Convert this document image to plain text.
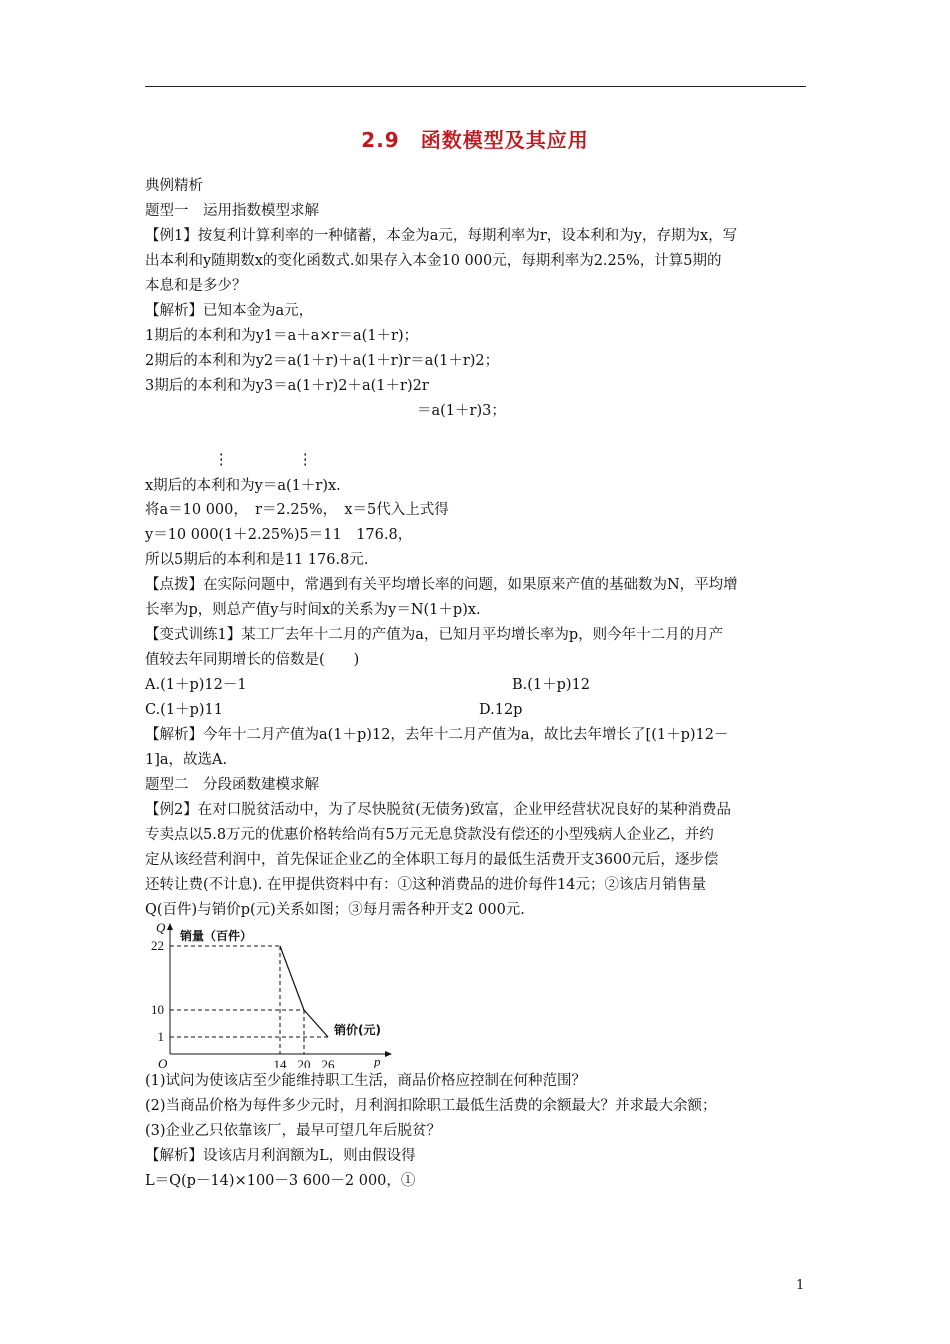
2.9　函数模型及其应用
典例精析
题型一　运用指数模型求解
【例1】按复利计算利率的一种储蓄，本金为a元，每期利率为r，设本利和为y，存期为x，写
出本利和y随期数x的变化函数式.如果存入本金10 000元，每期利率为2.25%，计算5期的
本息和是多少？
【解析】已知本金为a元，
1期后的本利和为y1＝a＋a×r＝a(1＋r)；
2期后的本利和为y2＝a(1＋r)＋a(1＋r)r＝a(1＋r)2；
3期后的本利和为y3＝a(1＋r)2＋a(1＋r)2r
＝a(1＋r)3；
⋮	⋮
x期后的本利和为y＝a(1＋r)x.
将a＝10 000，　r＝2.25%，　x＝5代入上式得
y＝10 000(1＋2.25%)5＝11　176.8，
所以5期后的本利和是11 176.8元.
【点拨】在实际问题中，常遇到有关平均增长率的问题，如果原来产值的基础数为N，平均增
长率为p，则总产值y与时间x的关系为y＝N(1＋p)x.
【变式训练1】某工厂去年十二月的产值为a，已知月平均增长率为p，则今年十二月的月产
值较去年同期增长的倍数是(　　)
A.(1＋p)12－1	B.(1＋p)12
C.(1＋p)11	D.12p
【解析】今年十二月产值为a(1＋p)12，去年十二月产值为a，故比去年增长了[(1＋p)12－
1]a，故选A.
题型二　分段函数建模求解
【例2】在对口脱贫活动中，为了尽快脱贫(无债务)致富，企业甲经营状况良好的某种消费品
专卖点以5.8万元的优惠价格转给尚有5万元无息贷款没有偿还的小型残病人企业乙，并约
定从该经营利润中，首先保证企业乙的全体职工每月的最低生活费开支3600元后，逐步偿
还转让费(不计息). 在甲提供资料中有：①这种消费品的进价每件14元；②该店月销售量
Q(百件)与销价p(元)关系如图；③每月需各种开支2 000元.
Q
销量（百件）
p
O
销价(元)
22
10
1
14 20 26
(1)试问为使该店至少能维持职工生活，商品价格应控制在何种范围？
(2)当商品价格为每件多少元时，月利润扣除职工最低生活费的余额最大？并求最大余额；
(3)企业乙只依靠该厂，最早可望几年后脱贫？
【解析】设该店月利润额为L，则由假设得
L＝Q(p－14)×100－3 600－2 000，①
1
